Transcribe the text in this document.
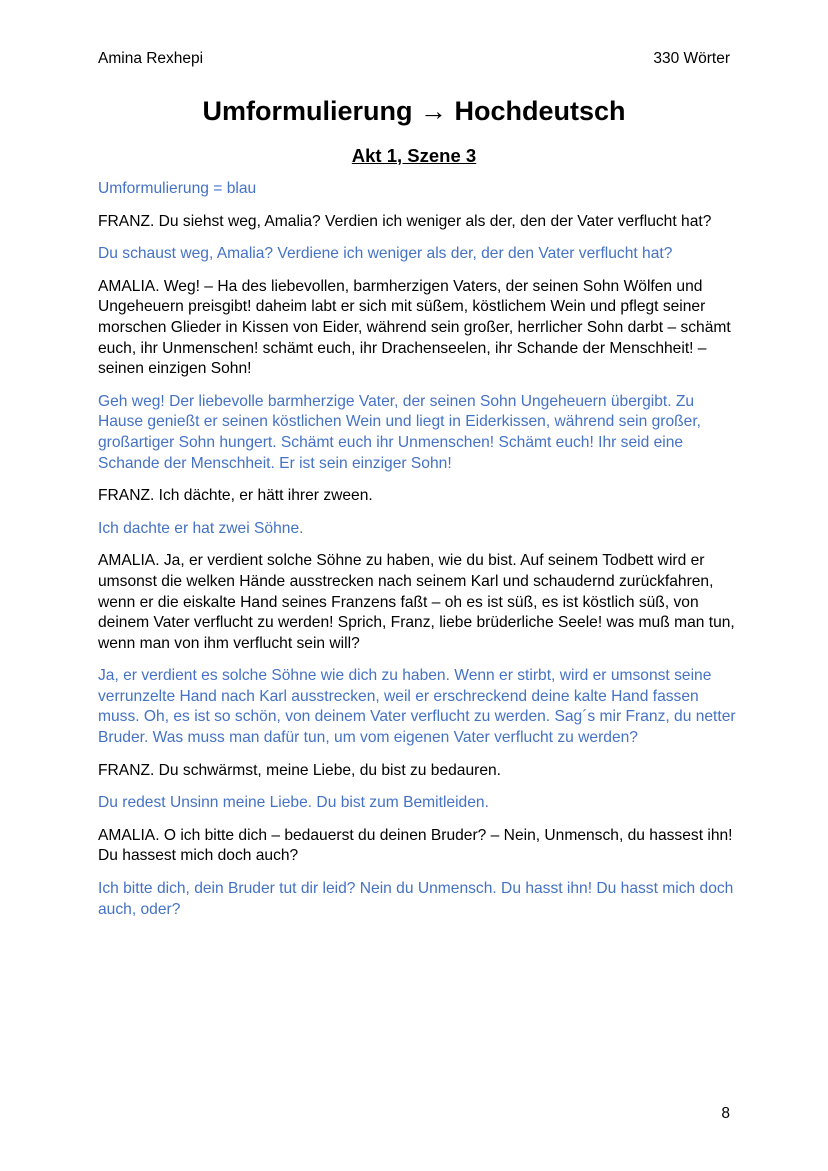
Amina Rexhepi	330 Wörter
Umformulierung → Hochdeutsch
Akt 1, Szene 3

Umformulierung = blau

FRANZ. Du siehst weg, Amalia? Verdien ich weniger als der, den der Vater verflucht hat?

Du schaust weg, Amalia? Verdiene ich weniger als der, der den Vater verflucht hat?

AMALIA. Weg! – Ha des liebevollen, barmherzigen Vaters, der seinen Sohn Wölfen und Ungeheuern preisgibt! daheim labt er sich mit süßem, köstlichem Wein und pflegt seiner morschen Glieder in Kissen von Eider, während sein großer, herrlicher Sohn darbt – schämt euch, ihr Unmenschen! schämt euch, ihr Drachenseelen, ihr Schande der Menschheit! – seinen einzigen Sohn!

Geh weg! Der liebevolle barmherzige Vater, der seinen Sohn Ungeheuern übergibt. Zu Hause genießt er seinen köstlichen Wein und liegt in Eiderkissen, während sein großer, großartiger Sohn hungert. Schämt euch ihr Unmenschen! Schämt euch! Ihr seid eine Schande der Menschheit. Er ist sein einziger Sohn!

FRANZ. Ich dächte, er hätt ihrer zween.

Ich dachte er hat zwei Söhne.

AMALIA. Ja, er verdient solche Söhne zu haben, wie du bist. Auf seinem Todbett wird er umsonst die welken Hände ausstrecken nach seinem Karl und schaudernd zurückfahren, wenn er die eiskalte Hand seines Franzens faßt – oh es ist süß, es ist köstlich süß, von deinem Vater verflucht zu werden! Sprich, Franz, liebe brüderliche Seele! was muß man tun, wenn man von ihm verflucht sein will?

Ja, er verdient es solche Söhne wie dich zu haben. Wenn er stirbt, wird er umsonst seine verrunzelte Hand nach Karl ausstrecken, weil er erschreckend deine kalte Hand fassen muss. Oh, es ist so schön, von deinem Vater verflucht zu werden. Sag´s mir Franz, du netter Bruder. Was muss man dafür tun, um vom eigenen Vater verflucht zu werden?

FRANZ. Du schwärmst, meine Liebe, du bist zu bedauren.

Du redest Unsinn meine Liebe. Du bist zum Bemitleiden.

AMALIA. O ich bitte dich – bedauerst du deinen Bruder? – Nein, Unmensch, du hassest ihn! Du hassest mich doch auch?

Ich bitte dich, dein Bruder tut dir leid? Nein du Unmensch. Du hasst ihn! Du hasst mich doch auch, oder?

8
